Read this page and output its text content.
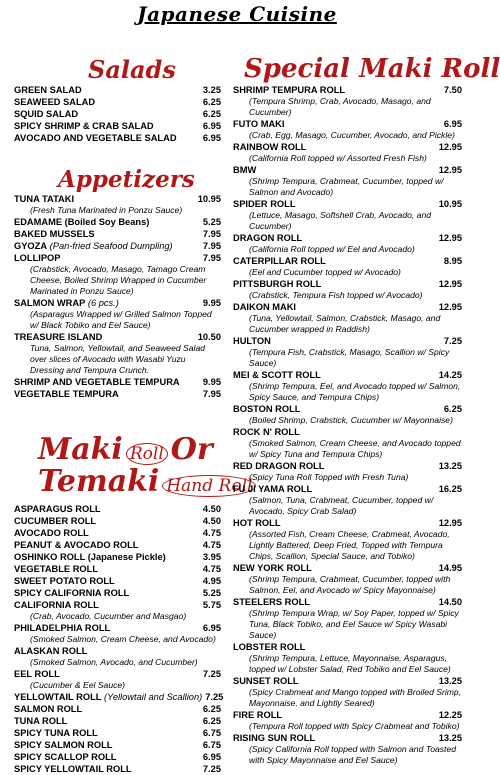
Japanese Cuisine
Salads
Appetizers
Special Maki Roll
Maki Roll Or
Temaki Hand Roll
GREEN SALAD	3.25
SEAWEED SALAD	6.25
SQUID SALAD	6.25
SPICY SHRIMP & CRAB SALAD	6.95
AVOCADO AND VEGETABLE SALAD	6.95
TUNA TATAKI	10.95
(Fresh Tuna Marinated in Ponzu Sauce)
EDAMAME (Boiled Soy Beans)	5.25
BAKED MUSSELS	7.95
GYOZA (Pan-fried Seafood Dumpling)	7.95
LOLLIPOP	7.95
(Crabstick, Avocado, Masago, Tamago Cream Cheese, Boiled Shrimp Wrapped in Cucumber Marinated in Ponzu Sauce)
SALMON WRAP (6 pcs.)	9.95
(Asparagus Wrapped w/ Grilled Salmon Topped w/ Black Tobiko and Eel Sauce)
TREASURE ISLAND	10.50
Tuna, Salmon, Yellowtail, and Seaweed Salad over slices of Avocado with Wasabi Yuzu Dressing and Tempura Crunch.
SHRIMP AND VEGETABLE TEMPURA	9.95
VEGETABLE TEMPURA	7.95
ASPARAGUS ROLL	4.50
CUCUMBER ROLL	4.50
AVOCADO ROLL	4.75
PEANUT & AVOCADO ROLL	4.75
OSHINKO ROLL (Japanese Pickle)	3.95
VEGETABLE ROLL	4.75
SWEET POTATO ROLL	4.95
SPICY CALIFORNIA ROLL	5.25
CALIFORNIA ROLL	5.75
(Crab, Avocado, Cucumber and Masgao)
PHILADELPHIA ROLL	6.95
(Smoked Salmon, Cream Cheese, and Avocado)
ALASKAN ROLL
(Smoked Salmon, Avocado, and Cucumber)
EEL ROLL	7.25
(Cucumber & Eel Sauce)
YELLOWTAIL ROLL (Yellowtail and Scallion) 7.25
SALMON ROLL	6.25
TUNA ROLL	6.25
SPICY TUNA ROLL	6.75
SPICY SALMON ROLL	6.75
SPICY SCALLOP ROLL	6.95
SPICY YELLOWTAIL ROLL	7.25
SHRIMP TEMPURA ROLL	7.50
(Tempura Shrimp, Crab, Avocado, Masago, and Cucumber)
FUTO MAKI	6.95
(Crab, Egg, Masago, Cucumber, Avocado, and Pickle)
RAINBOW ROLL	12.95
(California Roll topped w/ Assorted Fresh Fish)
BMW	12.95
(Shrimp Tempura, Crabmeat, Cucumber, topped w/ Salmon and Avocado)
SPIDER ROLL	10.95
(Lettuce, Masago, Softshell Crab, Avocado, and Cucumber)
DRAGON ROLL	12.95
(California Roll topped w/ Eel and Avocado)
CATERPILLAR ROLL	8.95
(Eel and Cucumber topped w/ Avocado)
PITTSBURGH ROLL	12.95
(Crabstick, Tempura Fish topped w/ Avocado)
DAIKON MAKI	12.95
(Tuna, Yellowtail, Salmon, Crabstick, Masago, and Cucumber wrapped in Raddish)
HULTON	7.25
(Tempura Fish, Crabstick, Masago, Scallion w/ Spicy Sauce)
MEI & SCOTT ROLL	14.25
(Shrimp Tempura, Eel, and Avocado topped w/ Salmon, Spicy Sauce, and Tempura Chips)
BOSTON ROLL	6.25
(Boiled Shrimp, Crabstick, Cucumber w/ Mayonnaise)
ROCK N' ROLL
(Smoked Salmon, Cream Cheese, and Avocado topped w/ Spicy Tuna and Tempura Chips)
RED DRAGON ROLL	13.25
(Spicy Tuna Roll Topped with Fresh Tuna)
FU JI YAMA ROLL	16.25
(Salmon, Tuna, Crabmeat, Cucumber, topped w/ Avocado, Spicy Crab Salad)
HOT ROLL	12.95
(Assorted Fish, Cream Cheese, Crabmeat, Avocado, Lightly Battered, Deep Fried, Topped with Tempura Chips, Scallion, Special Sauce, and Tobiko)
NEW YORK ROLL	14.95
(Shrimp Tempura, Crabmeat, Cucumber, topped with Salmon, Eel, and Avocado w/ Spicy Mayonnaise)
STEELERS ROLL	14.50
(Shrimp Tempura Wrap, w/ Soy Paper, topped w/ Spicy Tuna, Black Tobiko, and Eel Sauce w/ Spicy Wasabi Sauce)
LOBSTER ROLL
(Shrimp Tempura, Lettuce, Mayonnaise, Asparagus, topped w/ Lobster Salad, Red Tobiko and Eel Sauce)
SUNSET ROLL	13.25
(Spicy Crabmeat and Mango topped with Broiled Srimp, Mayonnaise, and Lightly Seared)
FIRE ROLL	12.25
(Tempura Roll topped with Spicy Crabmeat and Tobiko)
RISING SUN ROLL	13.25
(Spicy California Roll topped with Salmon and Toasted with Spicy Mayonnaise and Eel Sauce)
